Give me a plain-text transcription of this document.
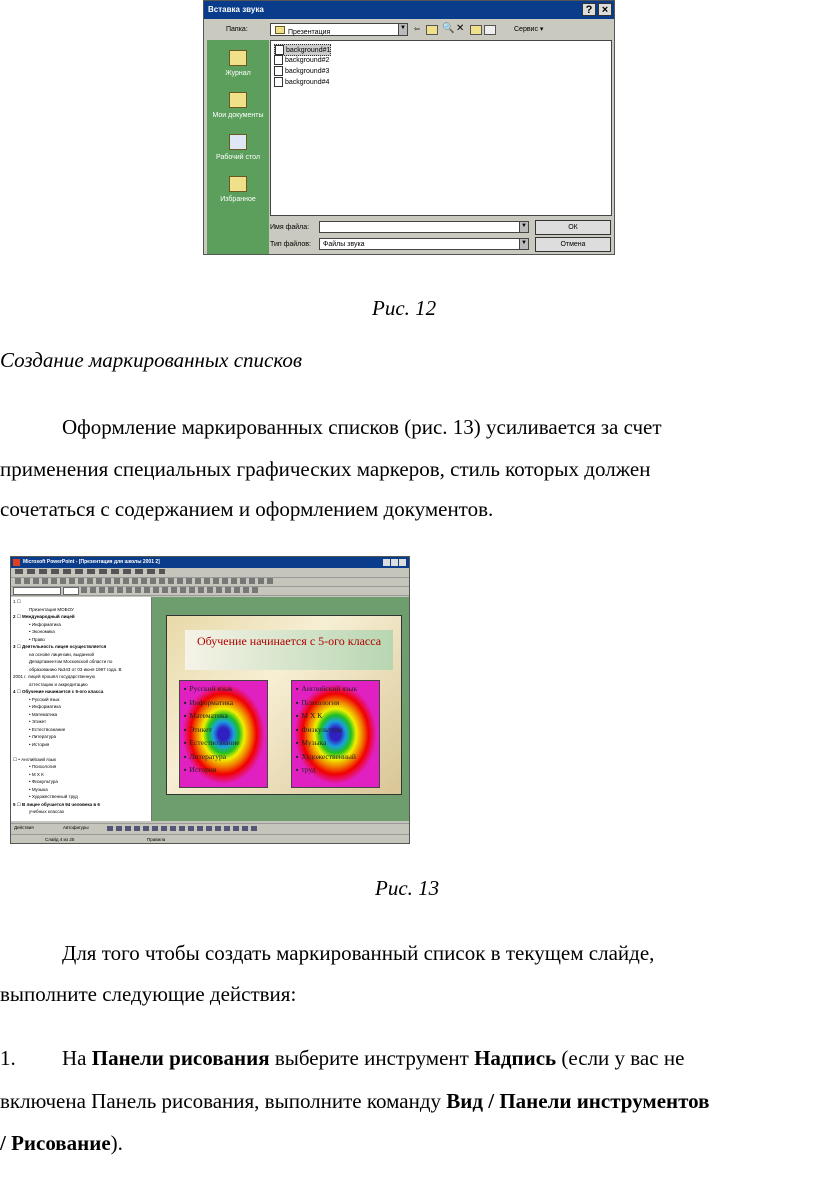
Вставка звука	? ×
Папка:	Презентация
▼ ⇦ 🔍 ✕	Сервис ▾
Журнал
Мои документы
Рабочий стол
Избранное
background#1
background#2
background#3
background#4
Имя файла:	▼
Тип файлов: Файлы звука	▼
ОК
Отмена
Рис. 12
Создание маркированных списков
Оформление маркированных списков (рис. 13) усиливается за счет
применения специальных графических маркеров, стиль которых должен
сочетаться с содержанием и оформлением документов.
Microsoft PowerPoint - [Презентация для школы 2001 2]
1 ☐
Презентация МОБОУ
2 ☐ Международный лицей
• Информатика
• Экономика
• Право
3 ☐ Деятельность лицея осуществляется
на основе лицензии, выданной
Департаментом Московской области по
образованию №343 от 03 июня 1997 года. В
2001 г. лицей прошёл государственную
аттестацию и аккредитацию
4 ☐ Обучение начинается с 5-ого класса
• Русский язык
• Информатика
• Математика
• Этикет
• Естествознание
• Литература
• История
☐ • Английский язык
• Психология
• М Х К
• Физкультура
• Музыка
• Художественный труд
5 ☐ В лицее обучается 94 человека в 6
учебных классах
Обучение начинается с 5-ого класса
■ Русский язык
■ Информатика
■ Математика
■ Этикет
■ Естествознание
■ Литература
■ История
■ Английский язык
■ Психология
■ М Х К
■ Физкультура
■ Музыка
■ Художественный
■ труд
Действия	Автофигуры
Слайд 4 из 25	Правила
Рис. 13
Для того чтобы создать маркированный список в текущем слайде,
выполните следующие действия:
1. На Панели рисования выберите инструмент Надпись (если у вас не
включена Панель рисования, выполните команду Вид / Панели инструментов
/ Рисование).
